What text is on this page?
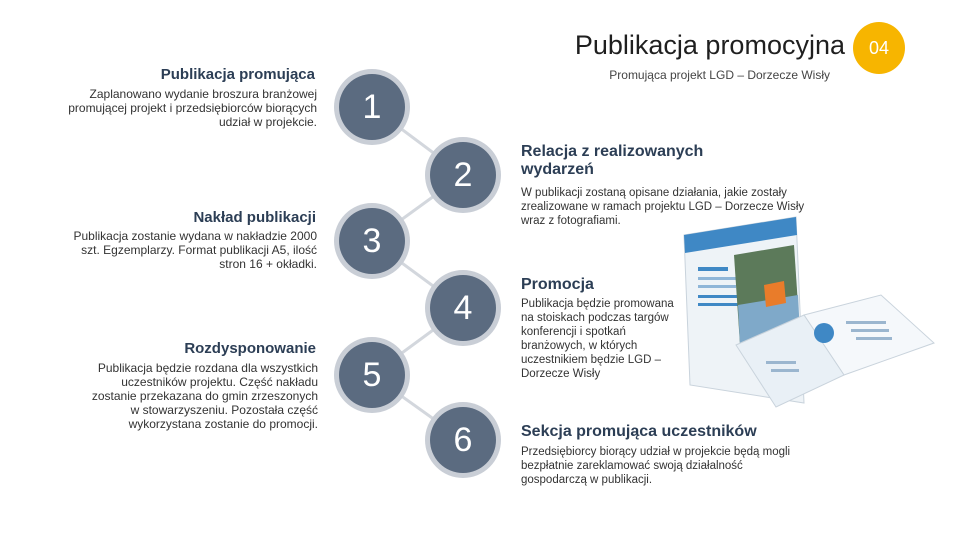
Publikacja promocyjna
Promująca projekt LGD – Dorzecze Wisły
04
Publikacja promująca
Zaplanowano wydanie broszura branżowej promującej projekt i przedsiębiorców biorących udział w projekcie.
Nakład publikacji
Publikacja zostanie wydana w nakładzie 2000 szt. Egzemplarzy. Format publikacji A5, ilość stron 16 + okładki.
Rozdysponowanie
Publikacja będzie rozdana dla wszystkich uczestników projektu. Część nakładu zostanie przekazana do gmin zrzeszonych w stowarzyszeniu. Pozostała część wykorzystana zostanie do promocji.
1
2
3
4
5
6
Relacja z realizowanych wydarzeń
W publikacji zostaną opisane działania, jakie zostały zrealizowane w ramach projektu LGD – Dorzecze Wisły wraz z fotografiami.
Promocja
Publikacja będzie promowana na stoiskach podczas targów konferencji i spotkań branżowych, w których uczestnikiem będzie LGD – Dorzecze Wisły
Sekcja promująca uczestników
Przedsiębiorcy biorący udział w projekcie będą mogli bezpłatnie zareklamować swoją działalność gospodarczą w publikacji.
